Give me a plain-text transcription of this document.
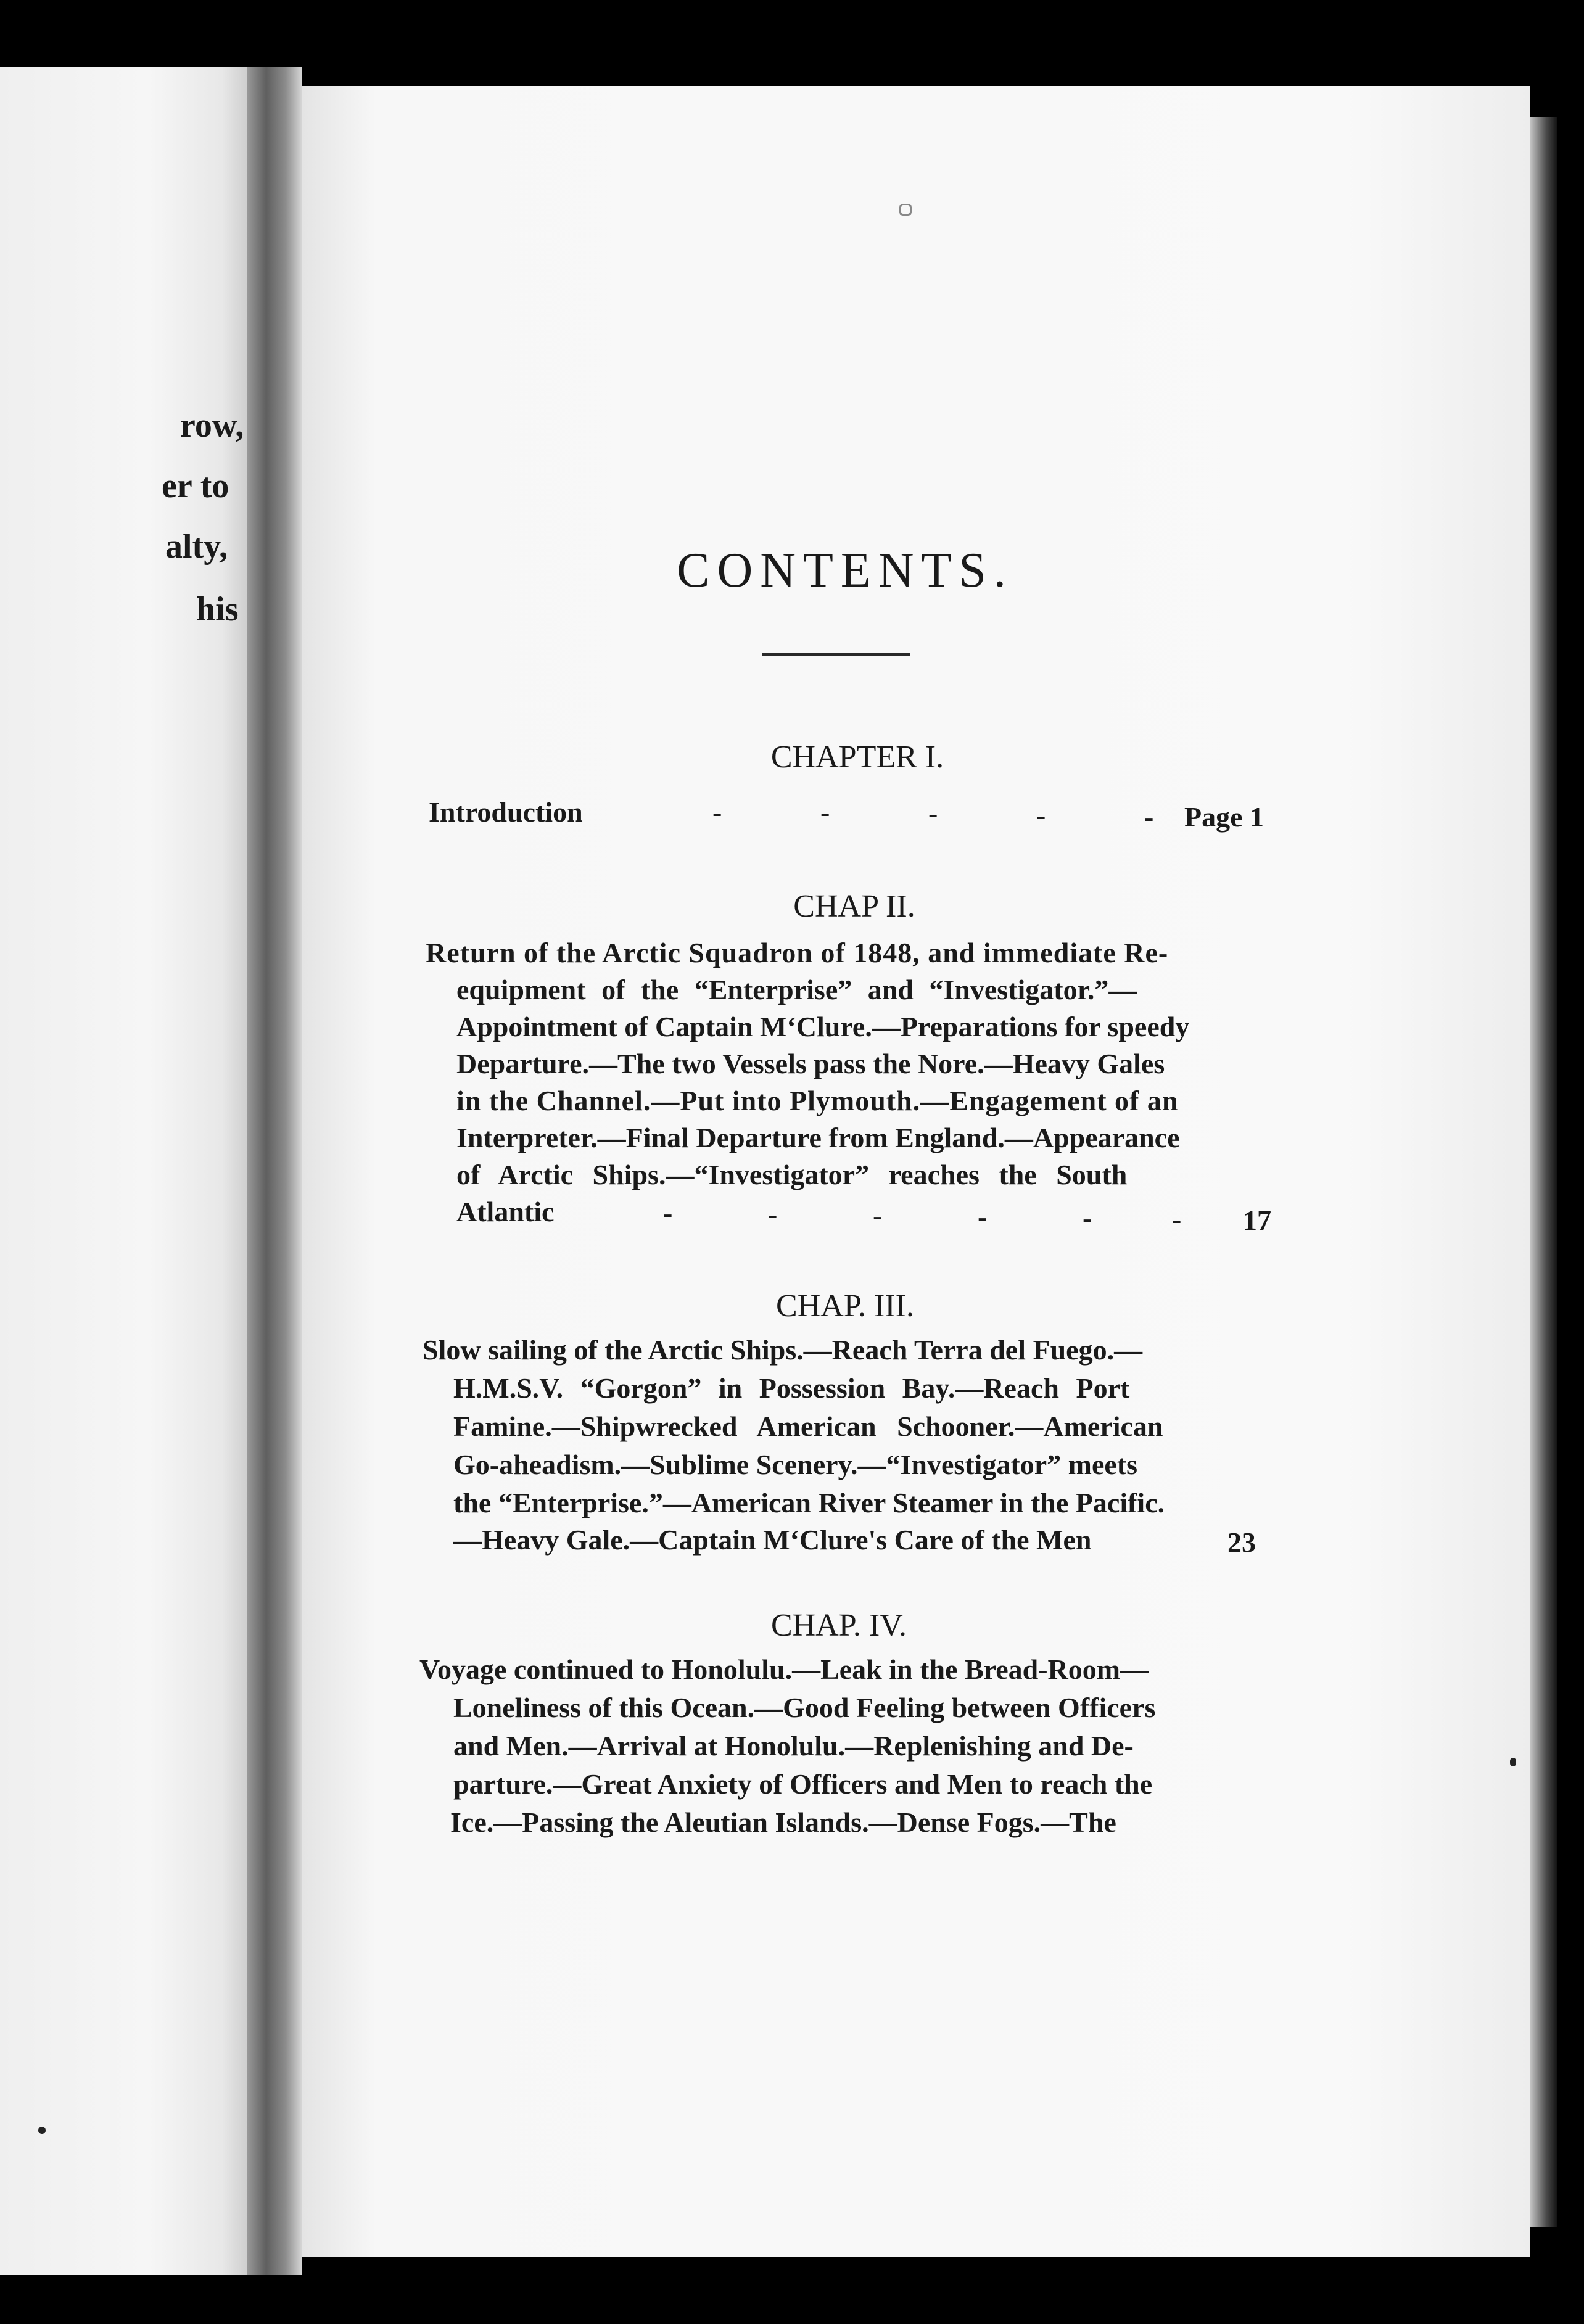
row,
er to
alty,
his
CONTENTS.
CHAPTER I.
Introduction	-	-	-	-	- Page 1
CHAP II.
Return of the Arctic Squadron of 1848, and immediate Re-
equipment of the “Enterprise” and “Investigator.”—
Appointment of Captain M‘Clure.—Preparations for speedy
Departure.—The two Vessels pass the Nore.—Heavy Gales
in the Channel.—Put into Plymouth.—Engagement of an
Interpreter.—Final Departure from England.—Appearance
of Arctic Ships.—“Investigator” reaches the South
Atlantic	-	-	-	-	-	- 17
CHAP. III.
Slow sailing of the Arctic Ships.—Reach Terra del Fuego.—
H.M.S.V. “Gorgon” in Possession Bay.—Reach Port
Famine.—Shipwrecked American Schooner.—American
Go-aheadism.—Sublime Scenery.—“Investigator” meets
the “Enterprise.”—American River Steamer in the Pacific.
—Heavy Gale.—Captain M‘Clure's Care of the Men	23
CHAP. IV.
Voyage continued to Honolulu.—Leak in the Bread-Room—
Loneliness of this Ocean.—Good Feeling between Officers
and Men.—Arrival at Honolulu.—Replenishing and De-
parture.—Great Anxiety of Officers and Men to reach the
Ice.—Passing the Aleutian Islands.—Dense Fogs.—The
